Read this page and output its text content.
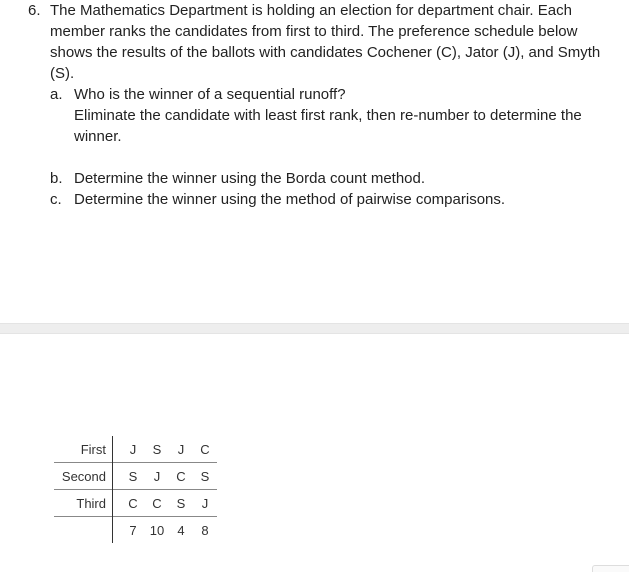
6. The Mathematics Department is holding an election for department chair. Each member ranks the candidates from first to third. The preference schedule below shows the results of the ballots with candidates Cochener (C), Jator (J), and Smyth (S).
a. Who is the winner of a sequential runoff?
Eliminate the candidate with least first rank, then re-number to determine the winner.
b. Determine the winner using the Borda count method.
c. Determine the winner using the method of pairwise comparisons.
First	J	S	J	C
Second	S	J	C	S
Third	C	C	S	J
	7	10	4	8
